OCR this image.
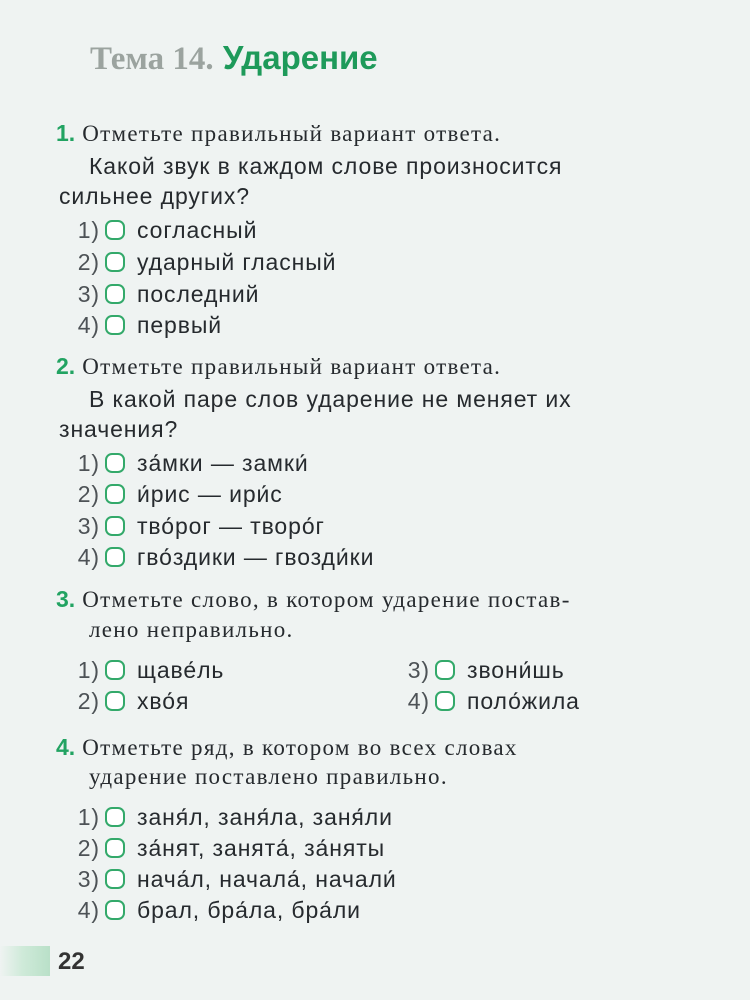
Тема 14. Ударение
1. Отметьте правильный вариант ответа.
Какой звук в каждом слове произносится
сильнее других?
1) согласный
2) ударный гласный
3) последний
4) первый
2. Отметьте правильный вариант ответа.
В какой паре слов ударение не меняет их
значения?
1) за́мки — замки́
2) и́рис — ири́с
3) тво́рог — творо́г
4) гво́здики — гвозди́ки
3. Отметьте слово, в котором ударение постав-
лено неправильно.
1) щаве́ль
2) хво́я
3) звони́шь
4) поло́жила
4. Отметьте ряд, в котором во всех словах
ударение поставлено правильно.
1) заня́л, заня́ла, заня́ли
2) за́нят, занята́, за́няты
3) нача́л, начала́, начали́
4) брал, бра́ла, бра́ли
22
